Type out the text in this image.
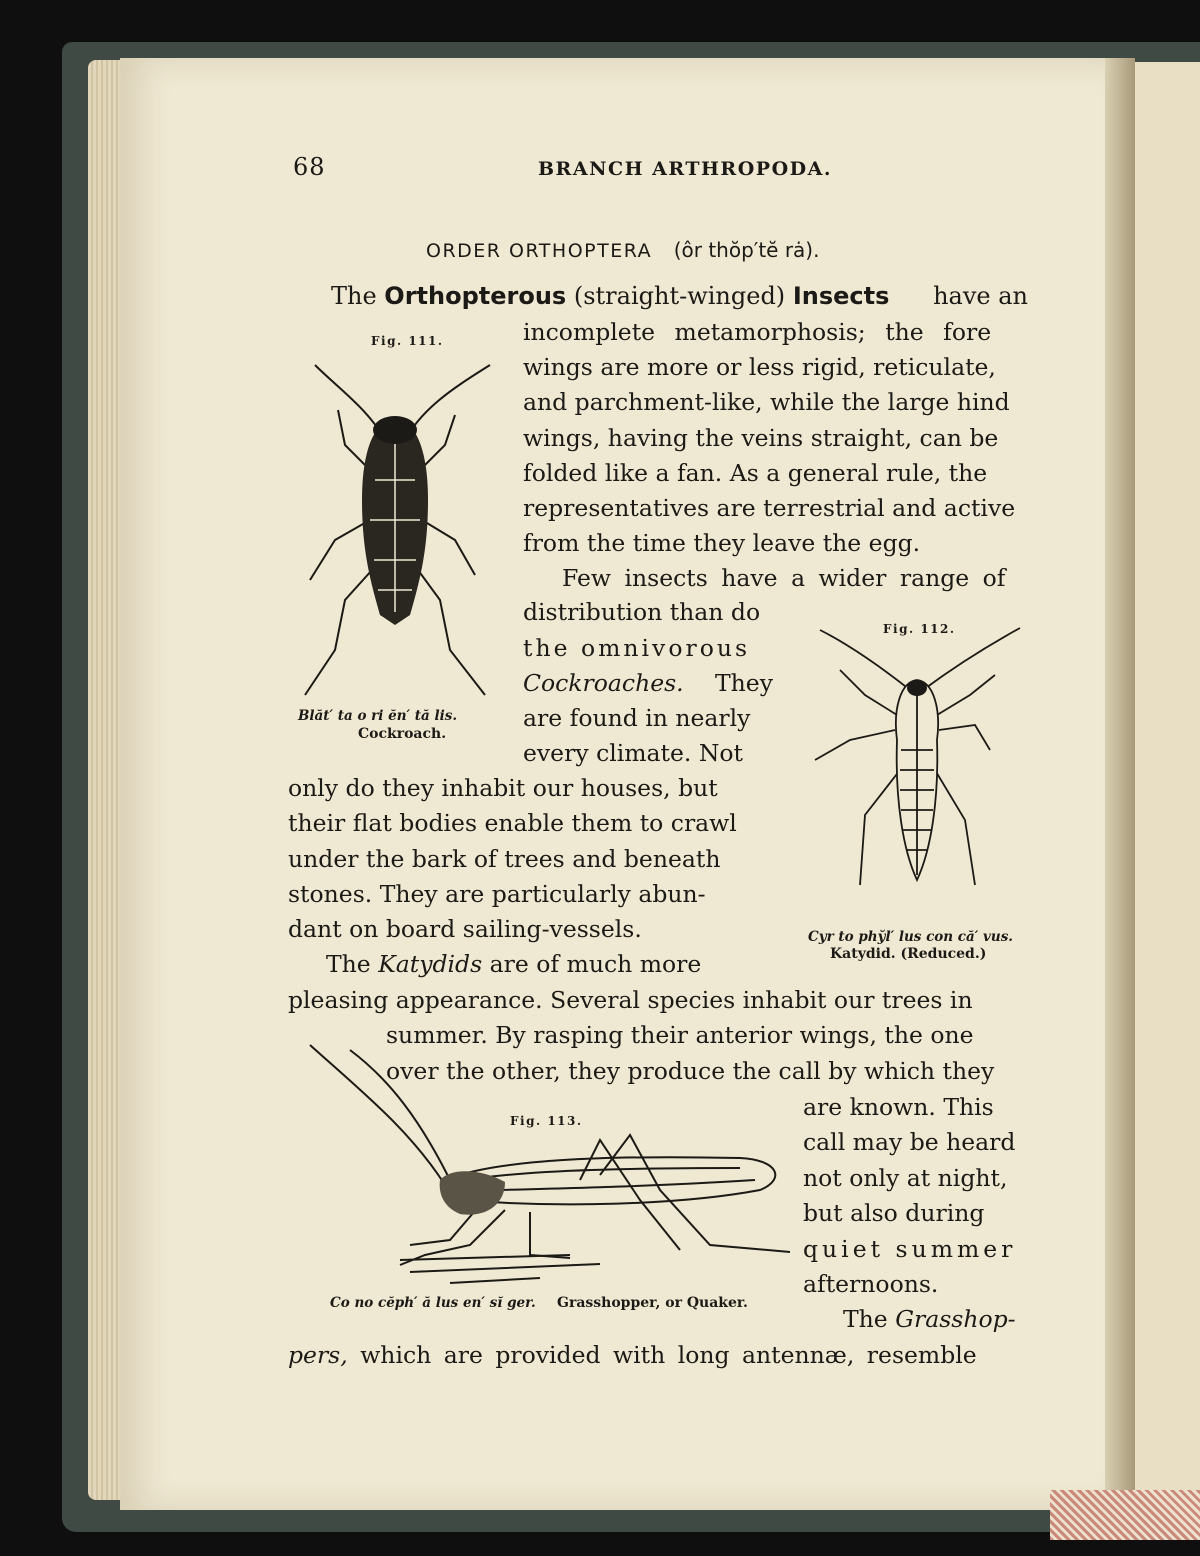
68	BRANCH ARTHROPODA.
ORDER ORTHOPTERA (ôr thŏp′tĕ rȧ).
The Orthopterous (straight-winged) Insects have an
incomplete metamorphosis; the fore
wings are more or less rigid, reticulate,
and parchment-like, while the large hind
wings, having the veins straight, can be
folded like a fan. As a general rule, the
representatives are terrestrial and active
from the time they leave the egg.
Few insects have a wider range of
distribution than do
the omnivorous
Cockroaches. They
are found in nearly
every climate. Not
only do they inhabit our houses, but
their flat bodies enable them to crawl
under the bark of trees and beneath
stones. They are particularly abun-
dant on board sailing-vessels.
The Katydids are of much more
pleasing appearance. Several species inhabit our trees in
summer. By rasping their anterior wings, the one
over the other, they produce the call by which they
are known. This
call may be heard
not only at night,
but also during
quiet summer
afternoons.
The Grasshop-
pers, which are provided with long antennæ, resemble
Fig. 111.
Blăt′ ta o ri ĕn′ tă lis.
Cockroach.
Fig. 112.
Cyr to phy̆l′ lus con că′ vus.
Katydid. (Reduced.)
Fig. 113.
Co no cĕph′ ă lus en′ sĭ ger. Grasshopper, or Quaker.
